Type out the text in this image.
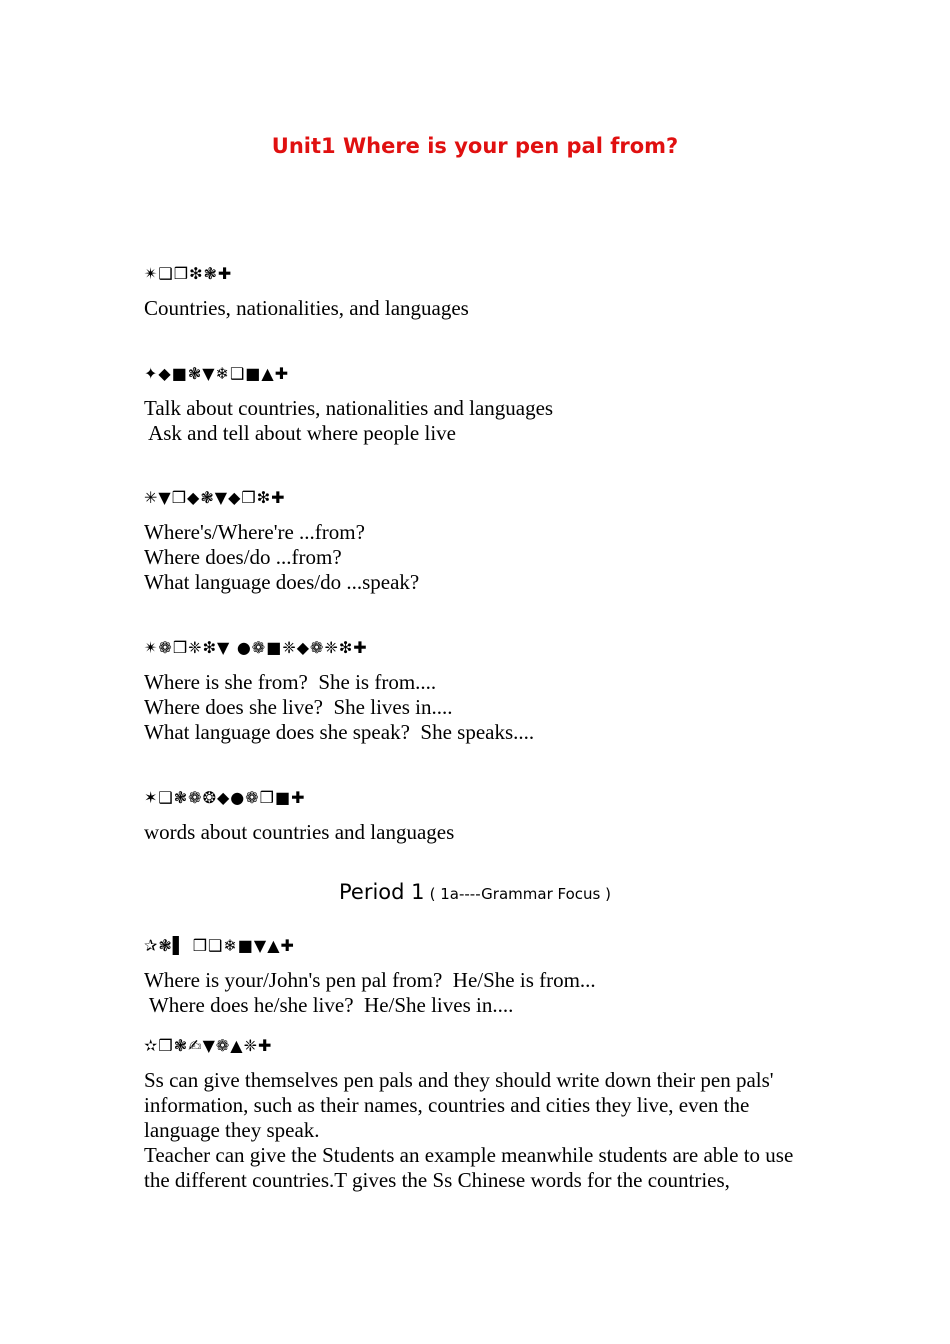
Unit1 Where is your pen pal from?
✴❑❒❇❃✚
Countries, nationalities, and languages
✦◆■❃▼❄❑■▲✚
Talk about countries, nationalities and languages
Ask and tell about where people live
✳▼❒◆❃▼◆❒❇✚
Where's/Where're ...from?
Where does/do ...from?
What language does/do ...speak?
✴❁❒❈❇▼ ●❁■❈◆❁❈❇✚
Where is she from?  She is from....
Where does she live?  She lives in....
What language does she speak?  She speaks....
✶❑❃❁❂◆●❁❒■✚
words about countries and languages
Period 1 ( 1a----Grammar Focus )
✰❃▌ ❒❑❄■▼▲✚
Where is your/John's pen pal from?  He/She is from...
Where does he/she live?  He/She lives in....
✫❒❃✍▼❁▲❈✚
Ss can give themselves pen pals and they should write down their pen pals' information, such as their names, countries and cities they live, even the language they speak.
Teacher can give the Students an example meanwhile students are able to use the different countries.T gives the Ss Chinese words for the countries,
